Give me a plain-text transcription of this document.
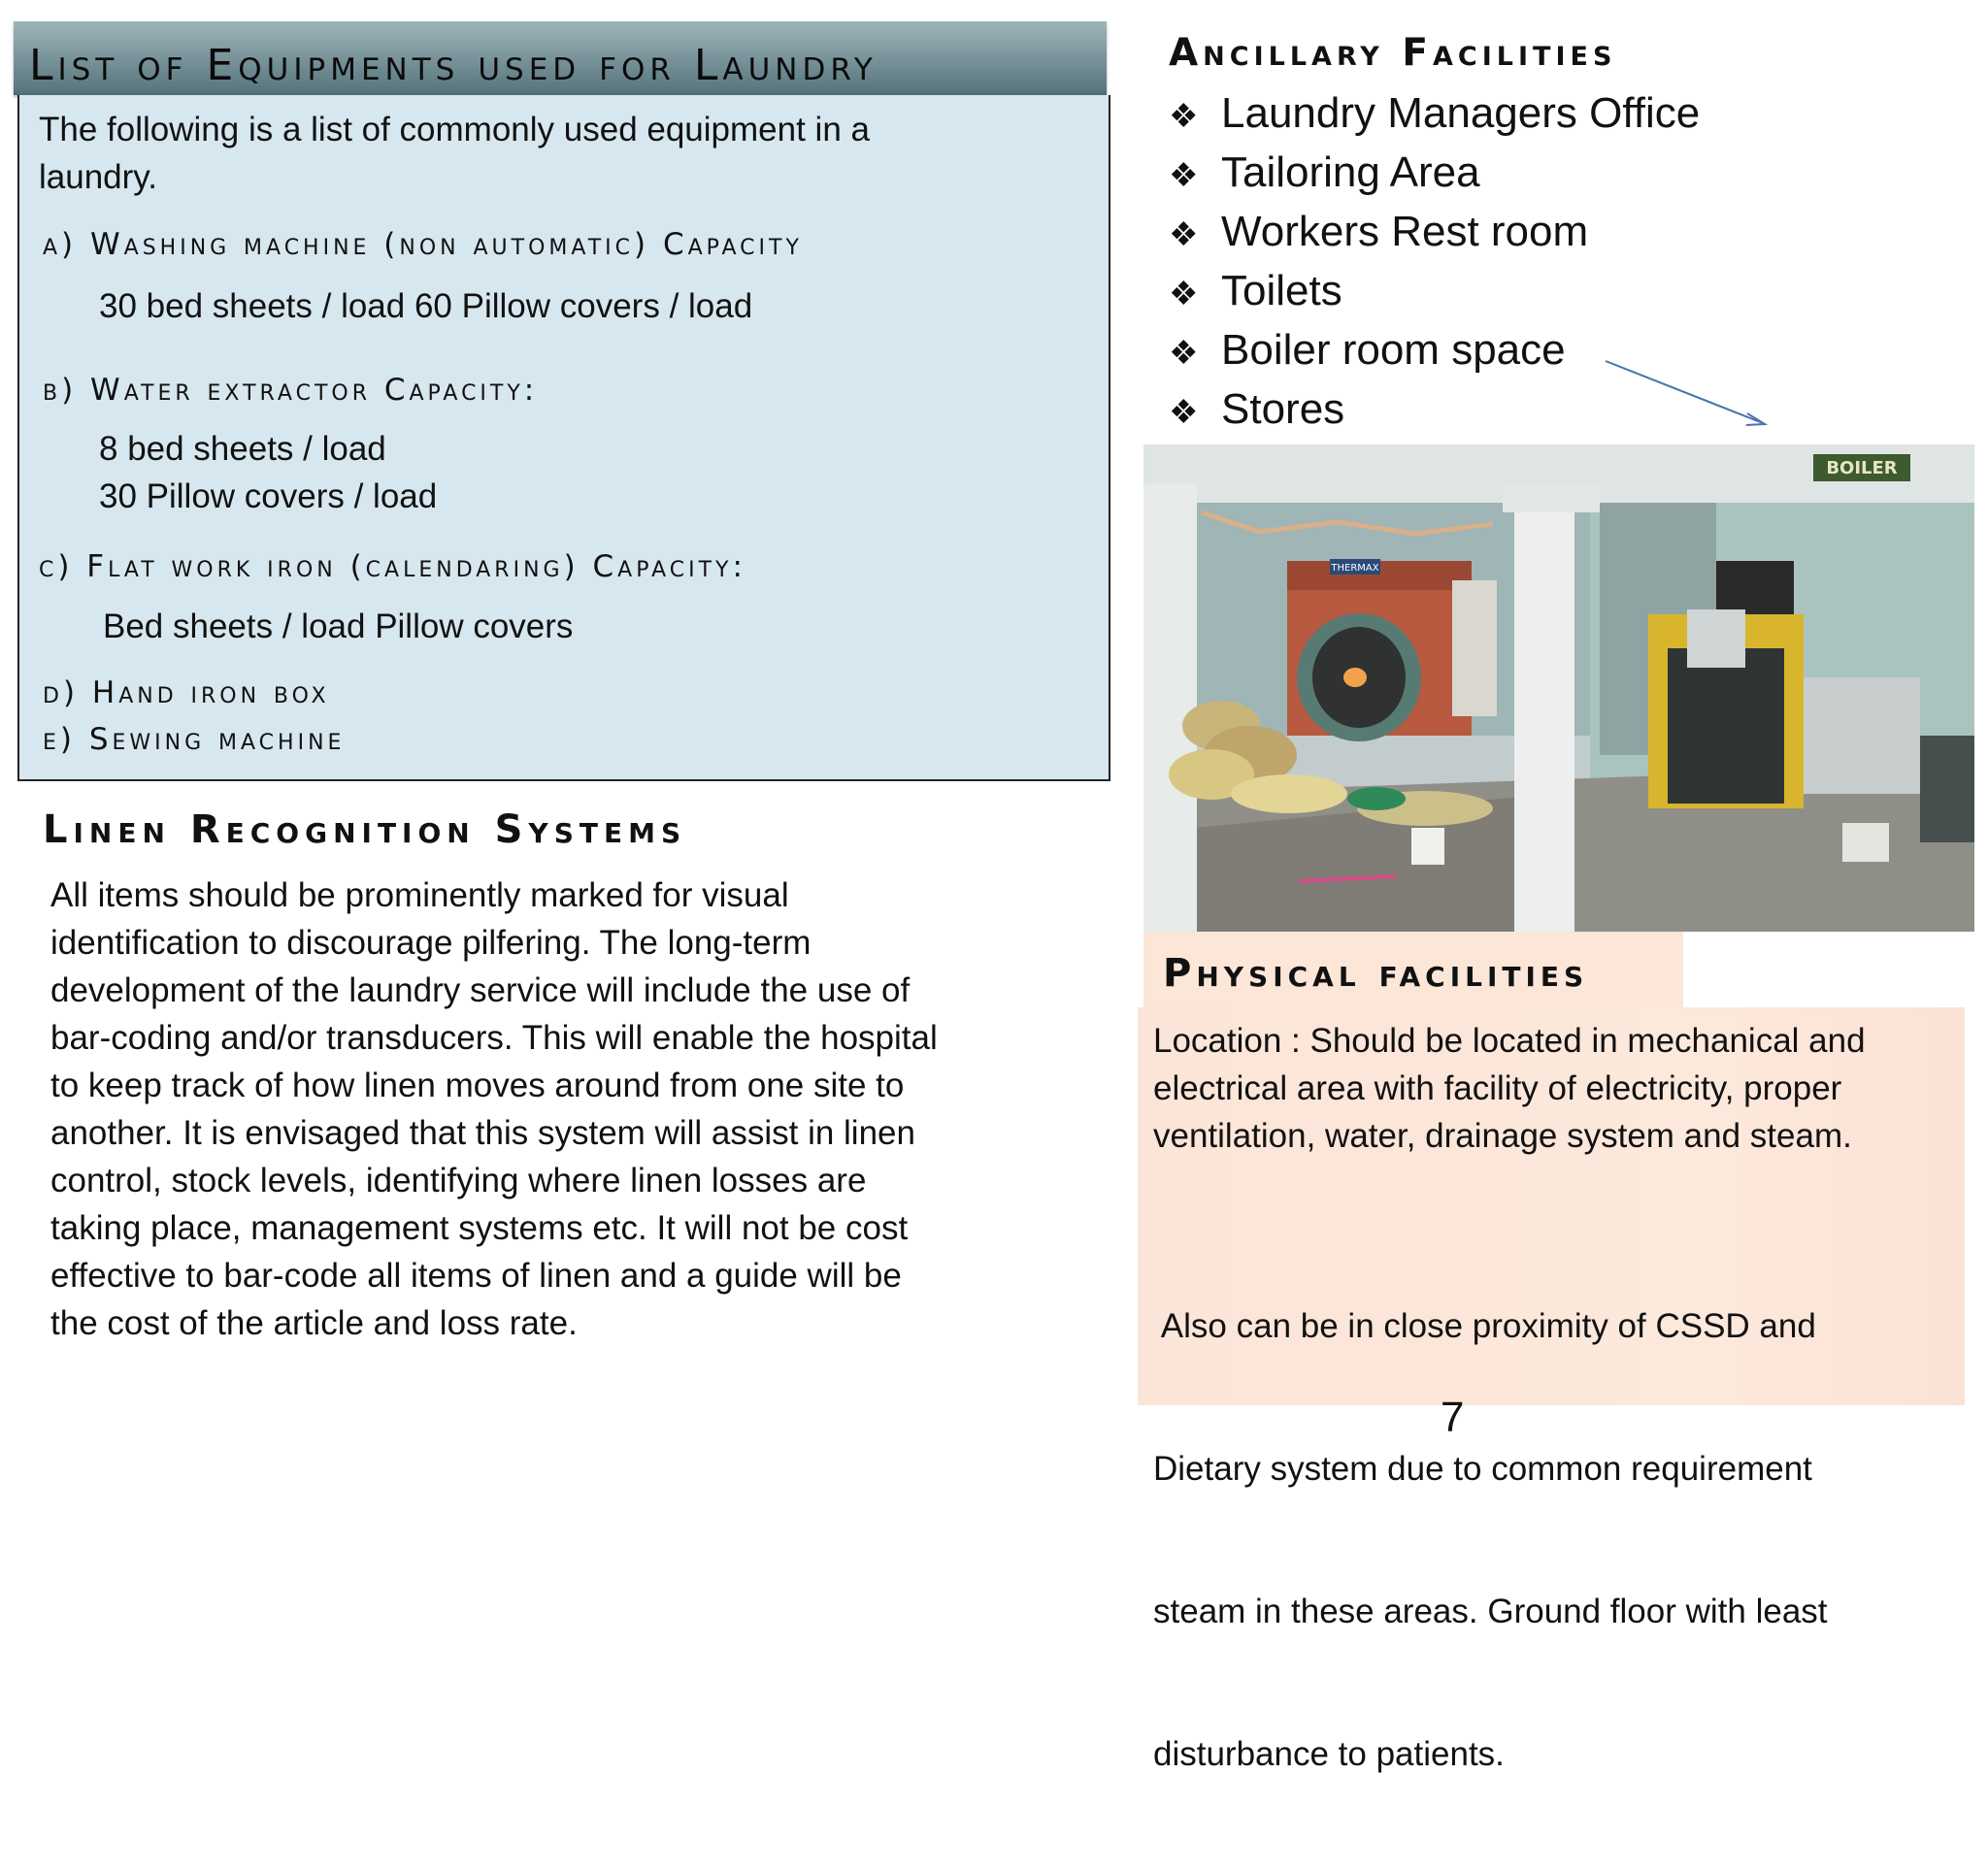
List of Equipments used for Laundry
The following is a list of commonly used equipment in a
laundry.
a) Washing machine (non automatic) Capacity
30 bed sheets / load 60 Pillow covers / load
b) Water extractor Capacity:
8 bed sheets / load
30 Pillow covers / load
c) Flat work iron (calendaring) Capacity:
Bed sheets / load Pillow covers
d) Hand iron box
e) Sewing machine
Linen Recognition Systems
All items should be prominently marked for visual
identification to discourage pilfering. The long-term
development of the laundry service will include the use of
bar-coding and/or transducers. This will enable the hospital
to keep track of how linen moves around from one site to
another. It is envisaged that this system will assist in linen
control, stock levels, identifying where linen losses are
taking place, management systems etc. It will not be cost
effective to bar-code all items of linen and a guide will be
the cost of the article and loss rate.
Ancillary Facilities
❖ Laundry Managers Office
❖ Tailoring Area
❖ Workers Rest room
❖ Toilets
❖ Boiler room space
❖ Stores
THERMAX
BOILER
Physical facilities
Location : Should be located in mechanical and
electrical area with facility of electricity, proper
ventilation, water, drainage system and steam.

Also can be in close proximity of CSSD and

Dietary system due to common requirement

steam in these areas. Ground floor with least

disturbance to patients.

7
